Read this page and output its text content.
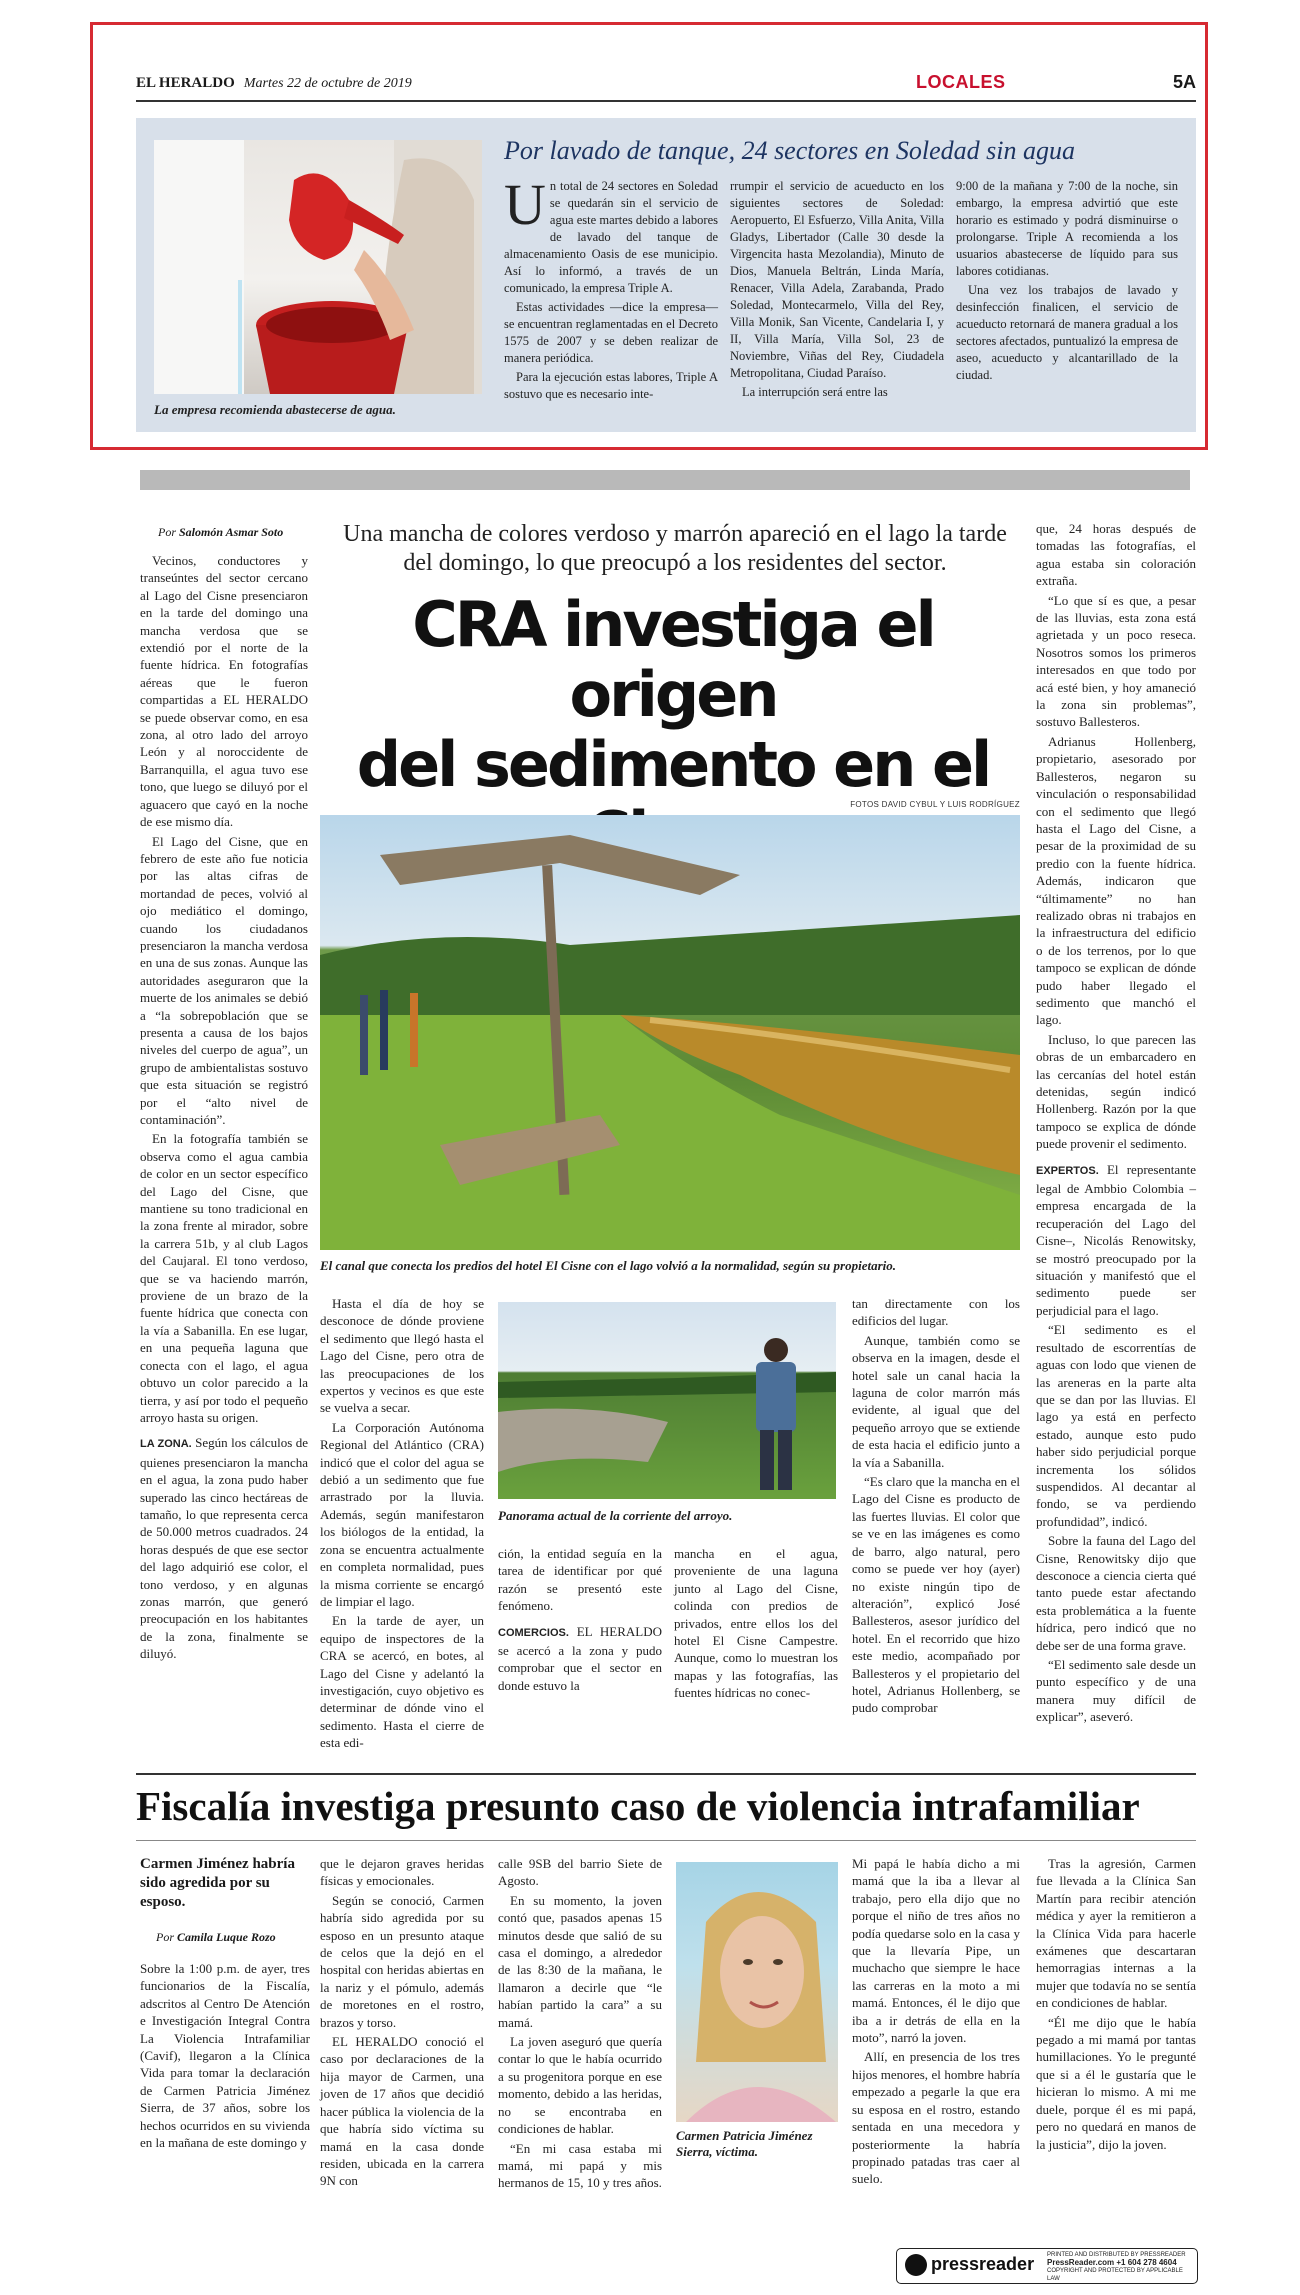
EL HERALDO Martes 22 de octubre de 2019	LOCALES	5A
La empresa recomienda abastecerse de agua.
Por lavado de tanque, 24 sectores en Soledad sin agua
U n total de 24 sectores en Soledad se quedarán sin el servicio de agua este martes debido a labores de lavado del tanque de almacenamiento Oasis de ese municipio. Así lo informó, a través de un comunicado, la empresa Triple A.

Estas actividades —dice la empresa— se encuentran reglamentadas en el Decreto 1575 de 2007 y se deben realizar de manera periódica.

Para la ejecución estas labores, Triple A sostuvo que es necesario inte-

rrumpir el servicio de acueducto en los siguientes sectores de Soledad: Aeropuerto, El Esfuerzo, Villa Anita, Villa Gladys, Libertador (Calle 30 desde la Virgencita hasta Mezolandia), Minuto de Dios, Manuela Beltrán, Linda María, Renacer, Villa Adela, Zarabanda, Prado Soledad, Montecarmelo, Villa del Rey, Villa Monik, San Vicente, Candelaria I, y II, Villa María, Villa Sol, 23 de Noviembre, Viñas del Rey, Ciudadela Metropolitana, Ciudad Paraíso.

La interrupción será entre las

9:00 de la mañana y 7:00 de la noche, sin embargo, la empresa advirtió que este horario es estimado y podrá disminuirse o prolongarse. Triple A recomienda a los usuarios abastecerse de líquido para sus labores cotidianas.

Una vez los trabajos de lavado y desinfección finalicen, el servicio de acueducto retornará de manera gradual a los sectores afectados, puntualizó la empresa de aseo, acueducto y alcantarillado de la ciudad.

Por Salomón Asmar Soto

Vecinos, conductores y transeúntes del sector cercano al Lago del Cisne presenciaron en la tarde del domingo una mancha verdosa que se extendió por el norte de la fuente hídrica. En fotografías aéreas que le fueron compartidas a EL HERALDO se puede observar como, en esa zona, al otro lado del arroyo León y al noroccidente de Barranquilla, el agua tuvo ese tono, que luego se diluyó por el aguacero que cayó en la noche de ese mismo día.

El Lago del Cisne, que en febrero de este año fue noticia por las altas cifras de mortandad de peces, volvió al ojo mediático el domingo, cuando los ciudadanos presenciaron la mancha verdosa en una de sus zonas. Aunque las autoridades aseguraron que la muerte de los animales se debió a “la sobrepoblación que se presenta a causa de los bajos niveles del cuerpo de agua”, un grupo de ambientalistas sostuvo que esta situación se registró por el “alto nivel de contaminación”.

En la fotografía también se observa como el agua cambia de color en un sector específico del Lago del Cisne, que mantiene su tono tradicional en la zona frente al mirador, sobre la carrera 51b, y al club Lagos del Caujaral. El tono verdoso, que se va haciendo marrón, proviene de un brazo de la fuente hídrica que conecta con la vía a Sabanilla. En ese lugar, en una pequeña laguna que conecta con el lago, el agua obtuvo un color parecido a la tierra, y así por todo el pequeño arroyo hasta su origen.

LA ZONA. Según los cálculos de quienes presenciaron la mancha en el agua, la zona pudo haber superado las cinco hectáreas de tamaño, lo que representa cerca de 50.000 metros cuadrados. 24 horas después de que ese sector del lago adquirió ese color, el tono verdoso, y en algunas zonas marrón, que generó preocupación en los habitantes de la zona, finalmente se diluyó.

Una mancha de colores verdoso y marrón apareció en el lago la tarde del domingo, lo que preocupó a los residentes del sector.
CRA investiga el origen
del sedimento en el
FOTOS DAVID CYBUL Y LUIS RODRÍGUEZ
El canal que conecta los predios del hotel El Cisne con el lago volvió a la normalidad, según su propietario.

Hasta el día de hoy se desconoce de dónde proviene el sedimento que llegó hasta el Lago del Cisne, pero otra de las preocupaciones de los expertos y vecinos es que este se vuelva a secar.

La Corporación Autónoma Regional del Atlántico (CRA) indicó que el color del agua se debió a un sedimento que fue arrastrado por la lluvia. Además, según manifestaron los biólogos de la entidad, la zona se encuentra actualmente en completa normalidad, pues la misma corriente se encargó de limpiar el lago.

En la tarde de ayer, un equipo de inspectores de la CRA se acercó, en botes, al Lago del Cisne y adelantó la investigación, cuyo objetivo es determinar de dónde vino el sedimento. Hasta el cierre de esta edi-

Panorama actual de la corriente del arroyo.

ción, la entidad seguía en la tarea de identificar por qué razón se presentó este fenómeno.

COMERCIOS. EL HERALDO se acercó a la zona y pudo comprobar que el sector en donde estuvo la

mancha en el agua, proveniente de una laguna junto al Lago del Cisne, colinda con predios de privados, entre ellos los del hotel El Cisne Campestre. Aunque, como lo muestran los mapas y las fotografías, las fuentes hídricas no conec-

tan directamente con los edificios del lugar.

Aunque, también como se observa en la imagen, desde el hotel sale un canal hacia la laguna de color marrón más evidente, al igual que del pequeño arroyo que se extiende de esta hacia el edificio junto a la vía a Sabanilla.

“Es claro que la mancha en el Lago del Cisne es producto de las fuertes lluvias. El color que se ve en las imágenes es como de barro, algo natural, pero como se puede ver hoy (ayer) no existe ningún tipo de alteración”, explicó José Ballesteros, asesor jurídico del hotel. En el recorrido que hizo este medio, acompañado por Ballesteros y el propietario del hotel, Adrianus Hollenberg, se pudo comprobar

que, 24 horas después de tomadas las fotografías, el agua estaba sin coloración extraña.

“Lo que sí es que, a pesar de las lluvias, esta zona está agrietada y un poco reseca. Nosotros somos los primeros interesados en que todo por acá esté bien, y hoy amaneció la zona sin problemas”, sostuvo Ballesteros.

Adrianus Hollenberg, propietario, asesorado por Ballesteros, negaron su vinculación o responsabilidad con el sedimento que llegó hasta el Lago del Cisne, a pesar de la proximidad de su predio con la fuente hídrica. Además, indicaron que “últimamente” no han realizado obras ni trabajos en la infraestructura del edificio o de los terrenos, por lo que tampoco se explican de dónde pudo haber llegado el sedimento que manchó el lago.

Incluso, lo que parecen las obras de un embarcadero en las cercanías del hotel están detenidas, según indicó Hollenberg. Razón por la que tampoco se explica de dónde puede provenir el sedimento.

EXPERTOS. El representante legal de Ambbio Colombia –empresa encargada de la recuperación del Lago del Cisne–, Nicolás Renowitsky, se mostró preocupado por la situación y manifestó que el sedimento puede ser perjudicial para el lago.

“El sedimento es el resultado de escorrentías de aguas con lodo que vienen de las areneras en la parte alta que se dan por las lluvias. El lago ya está en perfecto estado, aunque esto pudo haber sido perjudicial porque incrementa los sólidos suspendidos. Al decantar al fondo, se va perdiendo profundidad”, indicó.

Sobre la fauna del Lago del Cisne, Renowitsky dijo que desconoce a ciencia cierta qué tanto puede estar afectando esta problemática a la fuente hídrica, pero indicó que no debe ser de una forma grave.

“El sedimento sale desde un punto específico y de una manera muy difícil de explicar”, aseveró.

Fiscalía investiga presunto caso de violencia intrafamiliar
Carmen Jiménez habría sido agredida por su esposo.
Por Camila Luque Rozo

Sobre la 1:00 p.m. de ayer, tres funcionarios de la Fiscalía, adscritos al Centro De Atención e Investigación Integral Contra La Violencia Intrafamiliar (Cavif), llegaron a la Clínica Vida para tomar la declaración de Carmen Patricia Jiménez Sierra, de 37 años, sobre los hechos ocurridos en su vivienda en la mañana de este domingo y

que le dejaron graves heridas físicas y emocionales.

Según se conoció, Carmen habría sido agredida por su esposo en un presunto ataque de celos que la dejó en el hospital con heridas abiertas en la nariz y el pómulo, además de moretones en el rostro, brazos y torso.

EL HERALDO conoció el caso por declaraciones de la hija mayor de Carmen, una joven de 17 años que decidió hacer pública la violencia de la que habría sido víctima su mamá en la casa donde residen, ubicada en la carrera 9N con

calle 9SB del barrio Siete de Agosto.

En su momento, la joven contó que, pasados apenas 15 minutos desde que salió de su casa el domingo, a alrededor de las 8:30 de la mañana, le llamaron a decirle que “le habían partido la cara” a su mamá.

La joven aseguró que quería contar lo que le había ocurrido a su progenitora porque en ese momento, debido a las heridas, no se encontraba en condiciones de hablar.

“En mi casa estaba mi mamá, mi papá y mis hermanos de 15, 10 y tres años.

Carmen Patricia Jiménez Sierra, víctima.

Mi papá le había dicho a mi mamá que la iba a llevar al trabajo, pero ella dijo que no porque el niño de tres años no podía quedarse solo en la casa y que la llevaría Pipe, un muchacho que siempre le hace las carreras en la moto a mi mamá. Entonces, él le dijo que iba a ir detrás de ella en la moto”, narró la joven.

Allí, en presencia de los tres hijos menores, el hombre habría empezado a pegarle la que era su esposa en el rostro, estando sentada en una mecedora y posteriormente la habría propinado patadas tras caer al suelo.

Tras la agresión, Carmen fue llevada a la Clínica San Martín para recibir atención médica y ayer la remitieron a la Clínica Vida para hacerle exámenes que descartaran hemorragias internas a la mujer que todavía no se sentía en condiciones de hablar.

“Él me dijo que le había pegado a mi mamá por tantas humillaciones. Yo le pregunté que si a él le gustaría que le hicieran lo mismo. A mi me duele, porque él es mi papá, pero no quedará en manos de la justicia”, dijo la joven.

pressreader PRINTED AND DISTRIBUTED BY PRESSREADER
PressReader.com +1 604 278 4604
COPYRIGHT AND PROTECTED BY APPLICABLE LAW
